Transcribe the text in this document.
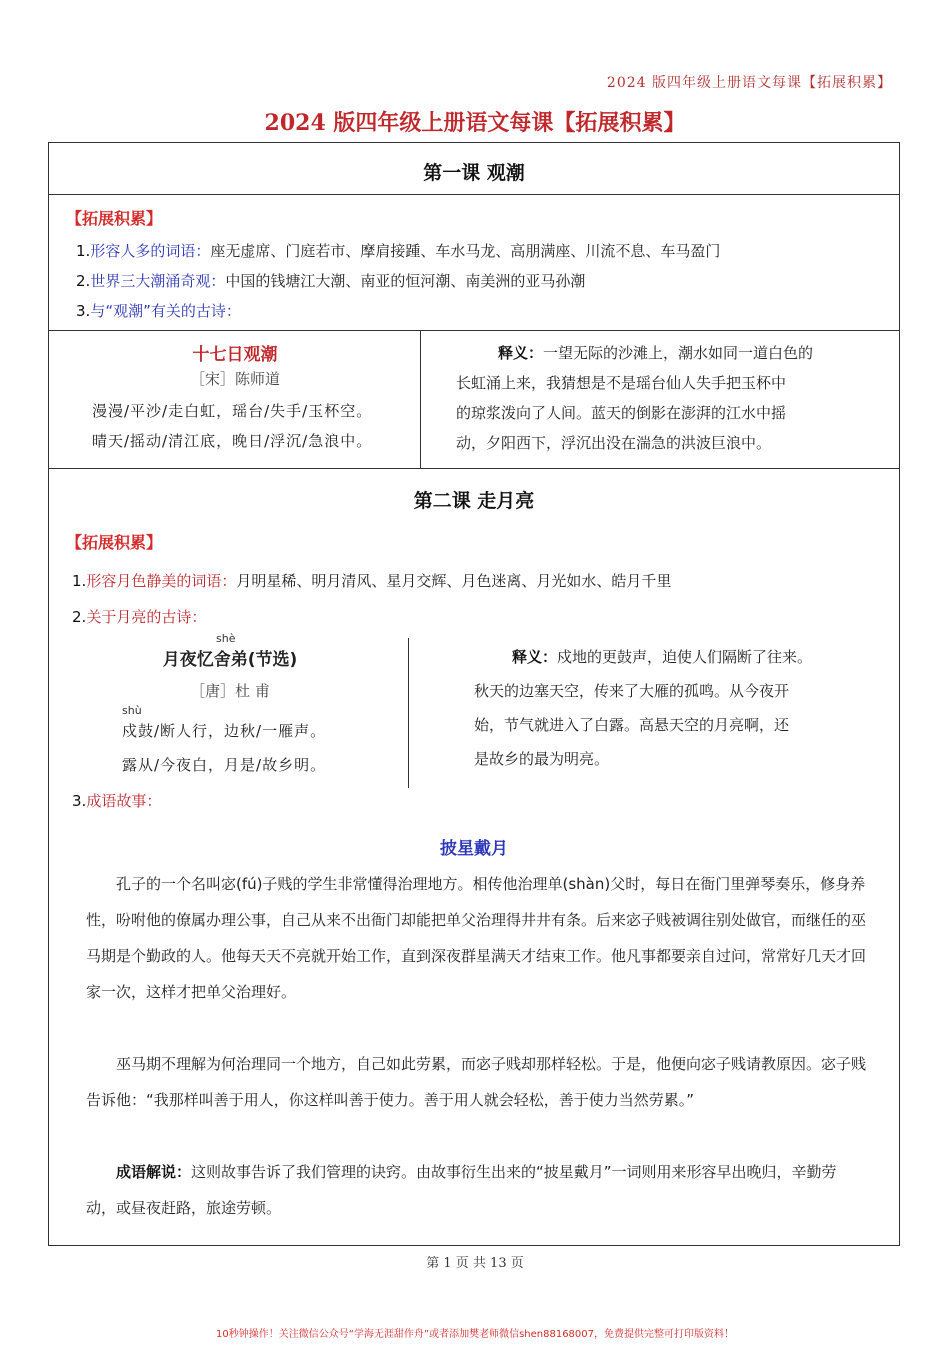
2024 版四年级上册语文每课【拓展积累】
2024 版四年级上册语文每课【拓展积累】
第一课 观潮
【拓展积累】
1.形容人多的词语：座无虚席、门庭若市、摩肩接踵、车水马龙、高朋满座、川流不息、车马盈门
2.世界三大潮涌奇观：中国的钱塘江大潮、南亚的恒河潮、南美洲的亚马孙潮
3.与“观潮”有关的古诗：
十七日观潮
［宋］陈师道
漫漫/平沙/走白虹，瑶台/失手/玉杯空。
晴天/摇动/清江底，晚日/浮沉/急浪中。
释义：一望无际的沙滩上，潮水如同一道白色的
长虹涌上来，我猜想是不是瑶台仙人失手把玉杯中
的琼浆泼向了人间。蓝天的倒影在澎湃的江水中摇
动，夕阳西下，浮沉出没在湍急的洪波巨浪中。
第二课 走月亮
【拓展积累】
1.形容月色静美的词语：月明星稀、明月清风、星月交辉、月色迷离、月光如水、皓月千里
2.关于月亮的古诗：
shè
月夜忆舍弟(节选)
［唐］杜 甫
shù
戍鼓/断人行，边秋/一雁声。
露从/今夜白，月是/故乡明。
释义：戍地的更鼓声，迫使人们隔断了往来。
秋天的边塞天空，传来了大雁的孤鸣。从今夜开
始，节气就进入了白露。高悬天空的月亮啊，还
是故乡的最为明亮。
3.成语故事：
披星戴月
孔子的一个名叫宓(fú)子贱的学生非常懂得治理地方。相传他治理单(shàn)父时，每日在衙门里弹琴奏乐，修身养性，吩咐他的僚属办理公事，自己从来不出衙门却能把单父治理得井井有条。后来宓子贱被调往别处做官，而继任的巫马期是个勤政的人。他每天天不亮就开始工作，直到深夜群星满天才结束工作。他凡事都要亲自过问，常常好几天才回家一次，这样才把单父治理好。
巫马期不理解为何治理同一个地方，自己如此劳累，而宓子贱却那样轻松。于是，他便向宓子贱请教原因。宓子贱告诉他：“我那样叫善于用人，你这样叫善于使力。善于用人就会轻松，善于使力当然劳累。”
成语解说：这则故事告诉了我们管理的诀窍。由故事衍生出来的“披星戴月”一词则用来形容早出晚归，辛勤劳动，或昼夜赶路，旅途劳顿。
第 1 页 共 13 页
10秒钟操作！关注微信公众号“学海无涯甜作舟”或者添加樊老师微信shen88168007，免费提供完整可打印版资料！
